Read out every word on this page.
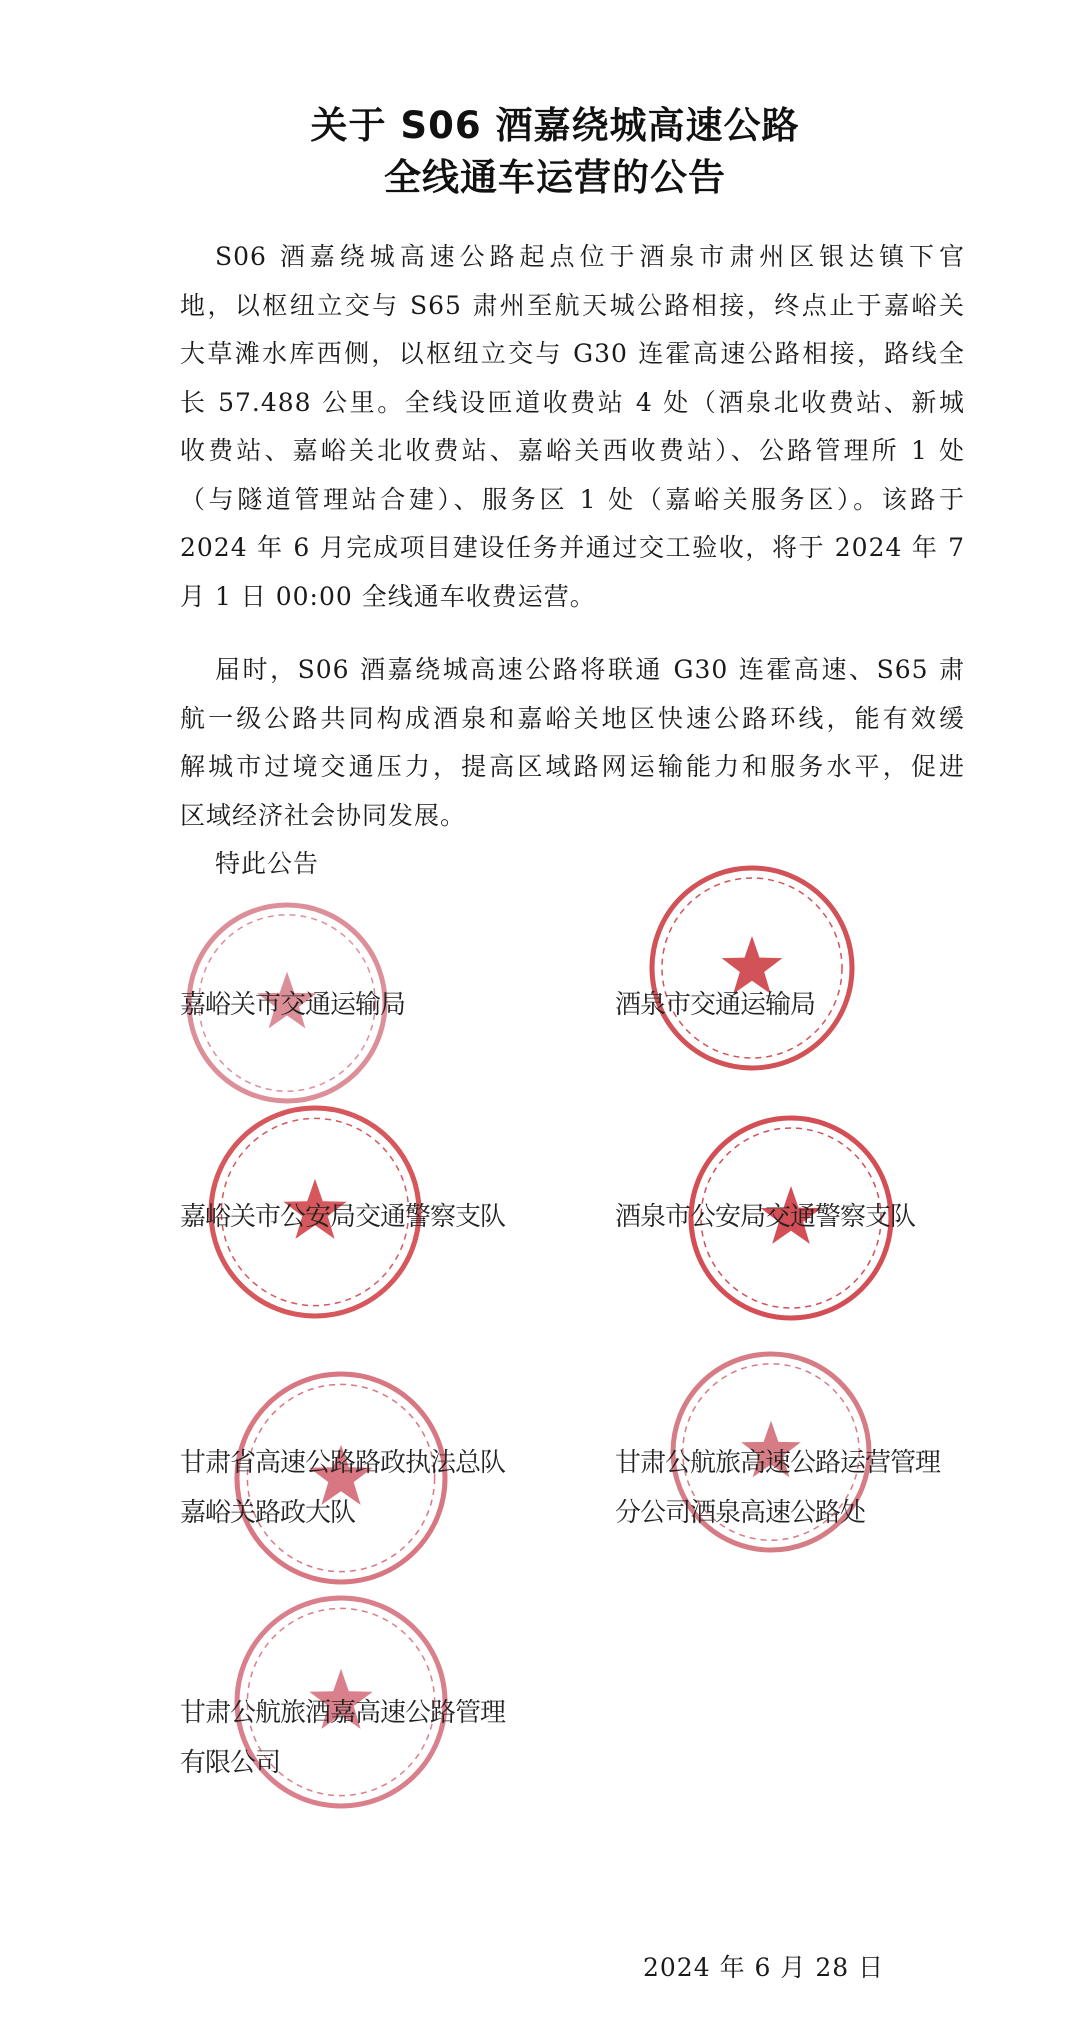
关于 S06 酒嘉绕城高速公路
全线通车运营的公告
S06 酒嘉绕城高速公路起点位于酒泉市肃州区银达镇下官
地，以枢纽立交与 S65 肃州至航天城公路相接，终点止于嘉峪关
大草滩水库西侧，以枢纽立交与 G30 连霍高速公路相接，路线全
长 57.488 公里。全线设匝道收费站 4 处（酒泉北收费站、新城
收费站、嘉峪关北收费站、嘉峪关西收费站）、公路管理所 1 处
（与隧道管理站合建）、服务区 1 处（嘉峪关服务区）。该路于
2024 年 6 月完成项目建设任务并通过交工验收，将于 2024 年 7
月 1 日 00:00 全线通车收费运营。
届时，S06 酒嘉绕城高速公路将联通 G30 连霍高速、S65 肃
航一级公路共同构成酒泉和嘉峪关地区快速公路环线，能有效缓
解城市过境交通压力，提高区域路网运输能力和服务水平，促进
区域经济社会协同发展。
特此公告
嘉峪关市交通运输局	酒泉市交通运输局
嘉峪关市公安局交通警察支队	酒泉市公安局交通警察支队
甘肃省高速公路路政执法总队
嘉峪关路政大队
甘肃公航旅高速公路运营管理
分公司酒泉高速公路处
甘肃公航旅酒嘉高速公路管理
有限公司
2024 年 6 月 28 日
